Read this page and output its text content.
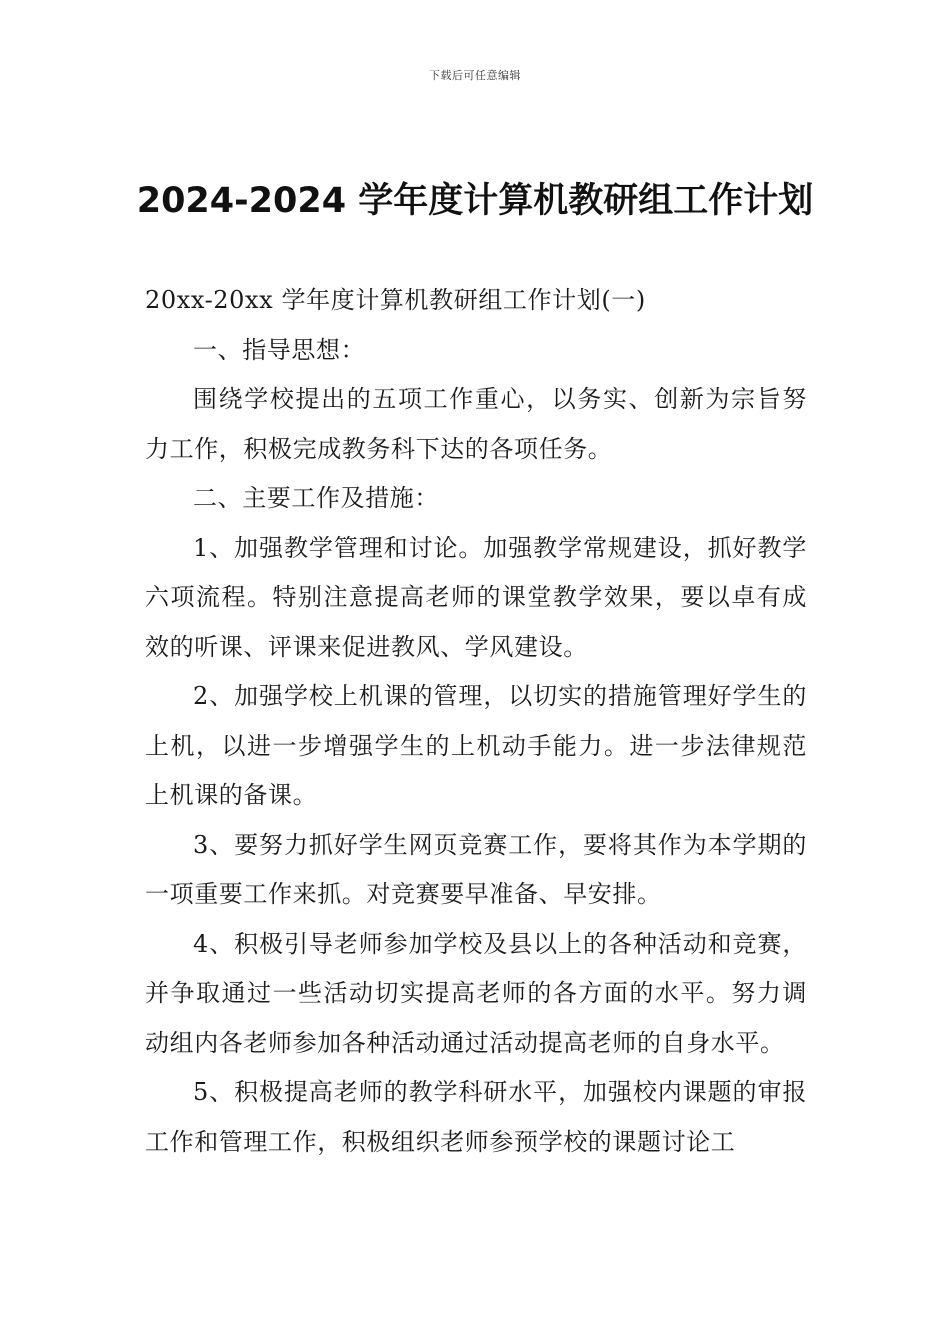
下载后可任意编辑
2024-2024 学年度计算机教研组工作计划

20xx-20xx 学年度计算机教研组工作计划(一)

一、指导思想：

围绕学校提出的五项工作重心，以务实、创新为宗旨努力工作，积极完成教务科下达的各项任务。

二、主要工作及措施：

1、加强教学管理和讨论。加强教学常规建设，抓好教学六项流程。特别注意提高老师的课堂教学效果，要以卓有成效的听课、评课来促进教风、学风建设。

2、加强学校上机课的管理，以切实的措施管理好学生的上机，以进一步增强学生的上机动手能力。进一步法律规范上机课的备课。

3、要努力抓好学生网页竞赛工作，要将其作为本学期的一项重要工作来抓。对竞赛要早准备、早安排。

4、积极引导老师参加学校及县以上的各种活动和竞赛，并争取通过一些活动切实提高老师的各方面的水平。努力调动组内各老师参加各种活动通过活动提高老师的自身水平。

5、积极提高老师的教学科研水平，加强校内课题的审报工作和管理工作，积极组织老师参预学校的课题讨论工
